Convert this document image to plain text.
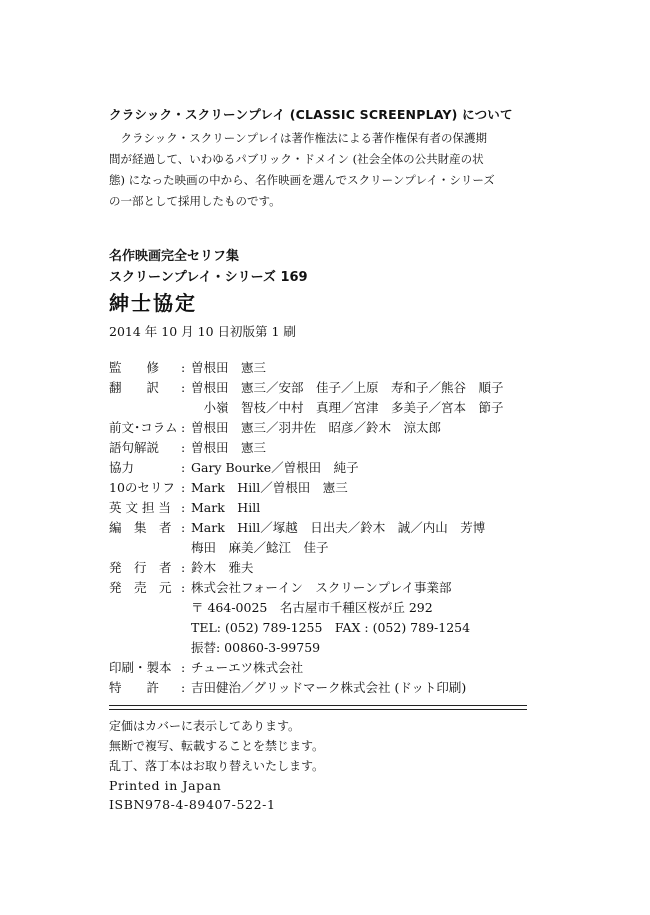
クラシック・スクリーンプレイ (CLASSIC SCREENPLAY) について
　クラシック・スクリーンプレイは著作権法による著作権保有者の保護期
間が経過して、いわゆるパブリック・ドメイン (社会全体の公共財産の状
態) になった映画の中から、名作映画を選んでスクリーンプレイ・シリーズ
の一部として採用したものです。
名作映画完全セリフ集
スクリーンプレイ・シリーズ 169
紳士協定
2014 年 10 月 10 日初版第 1 刷
監　　修	: 曽根田　憲三
翻　　訳	: 曽根田　憲三／安部　佳子／上原　寿和子／熊谷　順子
　小嶺　智枝／中村　真理／宮津　多美子／宮本　節子
前文･コラム : 曽根田　憲三／羽井佐　昭彦／鈴木　涼太郎
語句解説	: 曽根田　憲三
協力	: Gary Bourke／曽根田　純子
10のセリフ : Mark　Hill／曽根田　憲三
英 文 担 当 : Mark　Hill
編　集　者 : Mark　Hill／塚越　日出夫／鈴木　誠／内山　芳博
梅田　麻美／鯰江　佳子
発　行　者 : 鈴木　雅夫
発　売　元 : 株式会社フォーイン　スクリーンプレイ事業部
〒 464-0025　名古屋市千種区桜が丘 292
TEL: (052) 789-1255　FAX : (052) 789-1254
振替: 00860-3-99759
印刷・製本 : チューエツ株式会社
特　　許	: 吉田健治／グリッドマーク株式会社 (ドット印刷)
定価はカバーに表示してあります。
無断で複写、転載することを禁じます。
乱丁、落丁本はお取り替えいたします。
Printed in Japan
ISBN978-4-89407-522-1
